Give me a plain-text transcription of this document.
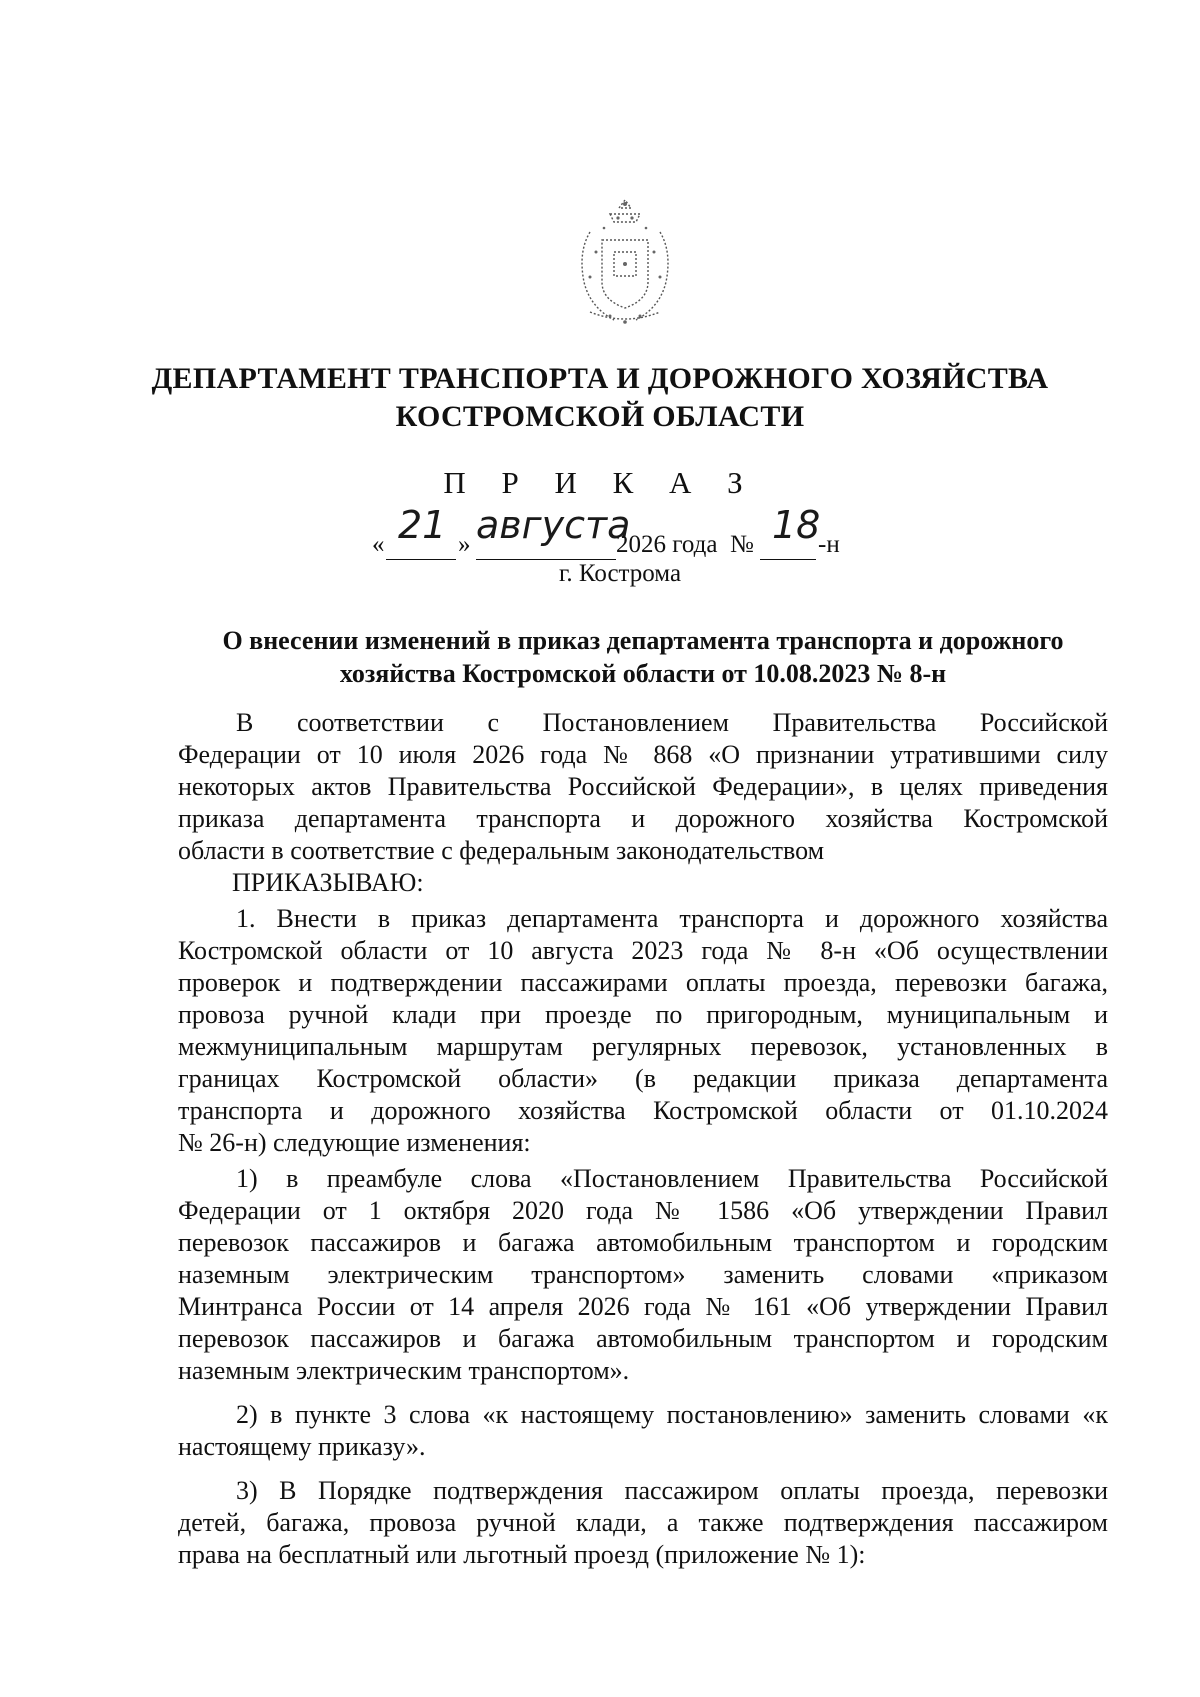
ДЕПАРТАМЕНТ ТРАНСПОРТА И ДОРОЖНОГО ХОЗЯЙСТВА
КОСТРОМСКОЙ ОБЛАСТИ
П Р И К А З
« 21 » августа
2026 года № 18
-н
г. Кострома
О внесении изменений в приказ департамента транспорта и дорожного
хозяйства Костромской области от 10.08.2023 № 8-н
В соответствии с Постановлением Правительства Российской
Федерации от 10 июля 2026 года № 868 «О признании утратившими силу
некоторых актов Правительства Российской Федерации», в целях приведения
приказа департамента транспорта и дорожного хозяйства Костромской
области в соответствие с федеральным законодательством
ПРИКАЗЫВАЮ:
1. Внести в приказ департамента транспорта и дорожного хозяйства
Костромской области от 10 августа 2023 года № 8-н «Об осуществлении
проверок и подтверждении пассажирами оплаты проезда, перевозки багажа,
провоза ручной клади при проезде по пригородным, муниципальным и
межмуниципальным маршрутам регулярных перевозок, установленных в
границах Костромской области» (в редакции приказа департамента
транспорта и дорожного хозяйства Костромской области от 01.10.2024
№ 26-н) следующие изменения:
1) в преамбуле слова «Постановлением Правительства Российской
Федерации от 1 октября 2020 года № 1586 «Об утверждении Правил
перевозок пассажиров и багажа автомобильным транспортом и городским
наземным электрическим транспортом» заменить словами «приказом
Минтранса России от 14 апреля 2026 года № 161 «Об утверждении Правил
перевозок пассажиров и багажа автомобильным транспортом и городским
наземным электрическим транспортом».
2) в пункте 3 слова «к настоящему постановлению» заменить словами «к
настоящему приказу».
3) В Порядке подтверждения пассажиром оплаты проезда, перевозки
детей, багажа, провоза ручной клади, а также подтверждения пассажиром
права на бесплатный или льготный проезд (приложение № 1):
